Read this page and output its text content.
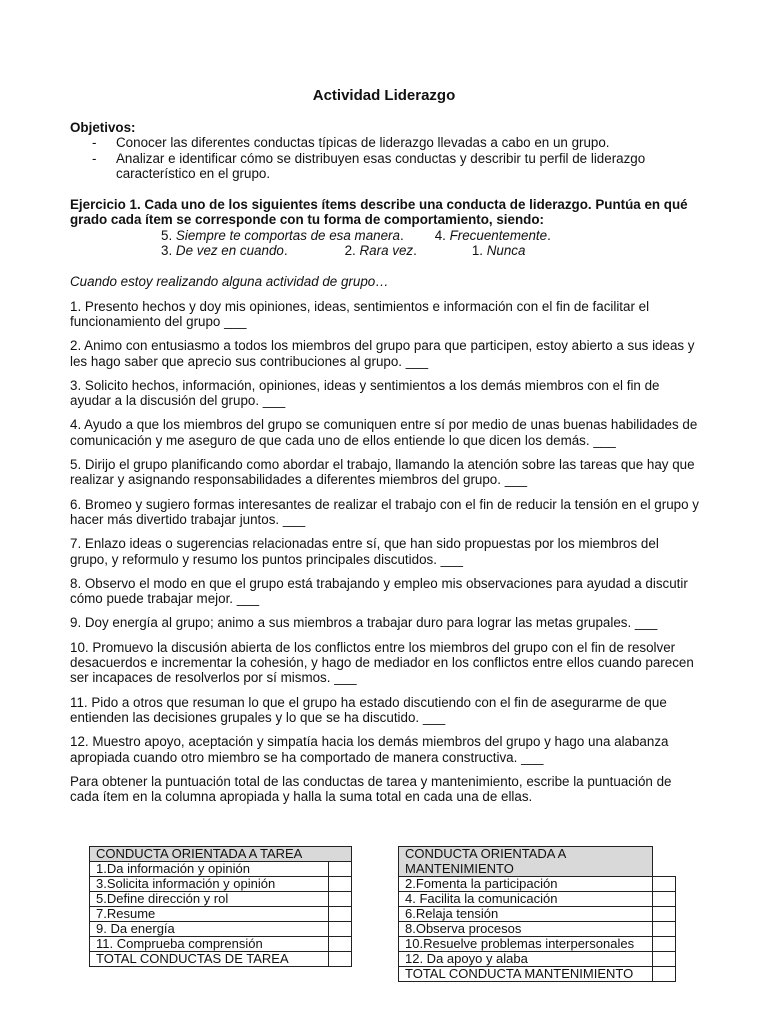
Actividad Liderazgo
Objetivos:
- Conocer las diferentes conductas típicas de liderazgo llevadas a cabo en un grupo.
- Analizar e identificar cómo se distribuyen esas conductas y describir tu perfil de liderazgo característico en el grupo.
Ejercicio 1. Cada uno de los siguientes ítems describe una conducta de liderazgo. Puntúa en qué grado cada ítem se corresponde con tu forma de comportamiento, siendo:
5. Siempre te comportas de esa manera. 4. Frecuentemente.
3. De vez en cuando.	2. Rara vez.	1. Nunca
Cuando estoy realizando alguna actividad de grupo…
1. Presento hechos y doy mis opiniones, ideas, sentimientos e información con el fin de facilitar el funcionamiento del grupo ___
2. Animo con entusiasmo a todos los miembros del grupo para que participen, estoy abierto a sus ideas y les hago saber que aprecio sus contribuciones al grupo. ___
3. Solicito hechos, información, opiniones, ideas y sentimientos a los demás miembros con el fin de ayudar a la discusión del grupo. ___
4. Ayudo a que los miembros del grupo se comuniquen entre sí por medio de unas buenas habilidades de comunicación y me aseguro de que cada uno de ellos entiende lo que dicen los demás. ___
5. Dirijo el grupo planificando como abordar el trabajo, llamando la atención sobre las tareas que hay que realizar y asignando responsabilidades a diferentes miembros del grupo. ___
6. Bromeo y sugiero formas interesantes de realizar el trabajo con el fin de reducir la tensión en el grupo y hacer más divertido trabajar juntos. ___
7. Enlazo ideas o sugerencias relacionadas entre sí, que han sido propuestas por los miembros del grupo, y reformulo y resumo los puntos principales discutidos. ___
8. Observo el modo en que el grupo está trabajando y empleo mis observaciones para ayudad a discutir cómo puede trabajar mejor. ___
9. Doy energía al grupo; animo a sus miembros a trabajar duro para lograr las metas grupales. ___
10. Promuevo la discusión abierta de los conflictos entre los miembros del grupo con el fin de resolver desacuerdos e incrementar la cohesión, y hago de mediador en los conflictos entre ellos cuando parecen ser incapaces de resolverlos por sí mismos. ___
11. Pido a otros que resuman lo que el grupo ha estado discutiendo con el fin de asegurarme de que entienden las decisiones grupales y lo que se ha discutido. ___
12. Muestro apoyo, aceptación y simpatía hacia los demás miembros del grupo y hago una alabanza apropiada cuando otro miembro se ha comportado de manera constructiva. ___
Para obtener la puntuación total de las conductas de tarea y mantenimiento, escribe la puntuación de cada ítem en la columna apropiada y halla la suma total en cada una de ellas.
CONDUCTA ORIENTADA A TAREA	
1.Da información y opinión	
3.Solicita información y opinión	
5.Define dirección y rol	
7.Resume	
9. Da energía	
11. Comprueba comprensión	
TOTAL CONDUCTAS DE TAREA	
CONDUCTA ORIENTADA A MANTENIMIENTO	
2.Fomenta la participación	
4. Facilita la comunicación	
6.Relaja tensión	
8.Observa procesos	
10.Resuelve problemas interpersonales	
12. Da apoyo y alaba	
TOTAL CONDUCTA MANTENIMIENTO	
